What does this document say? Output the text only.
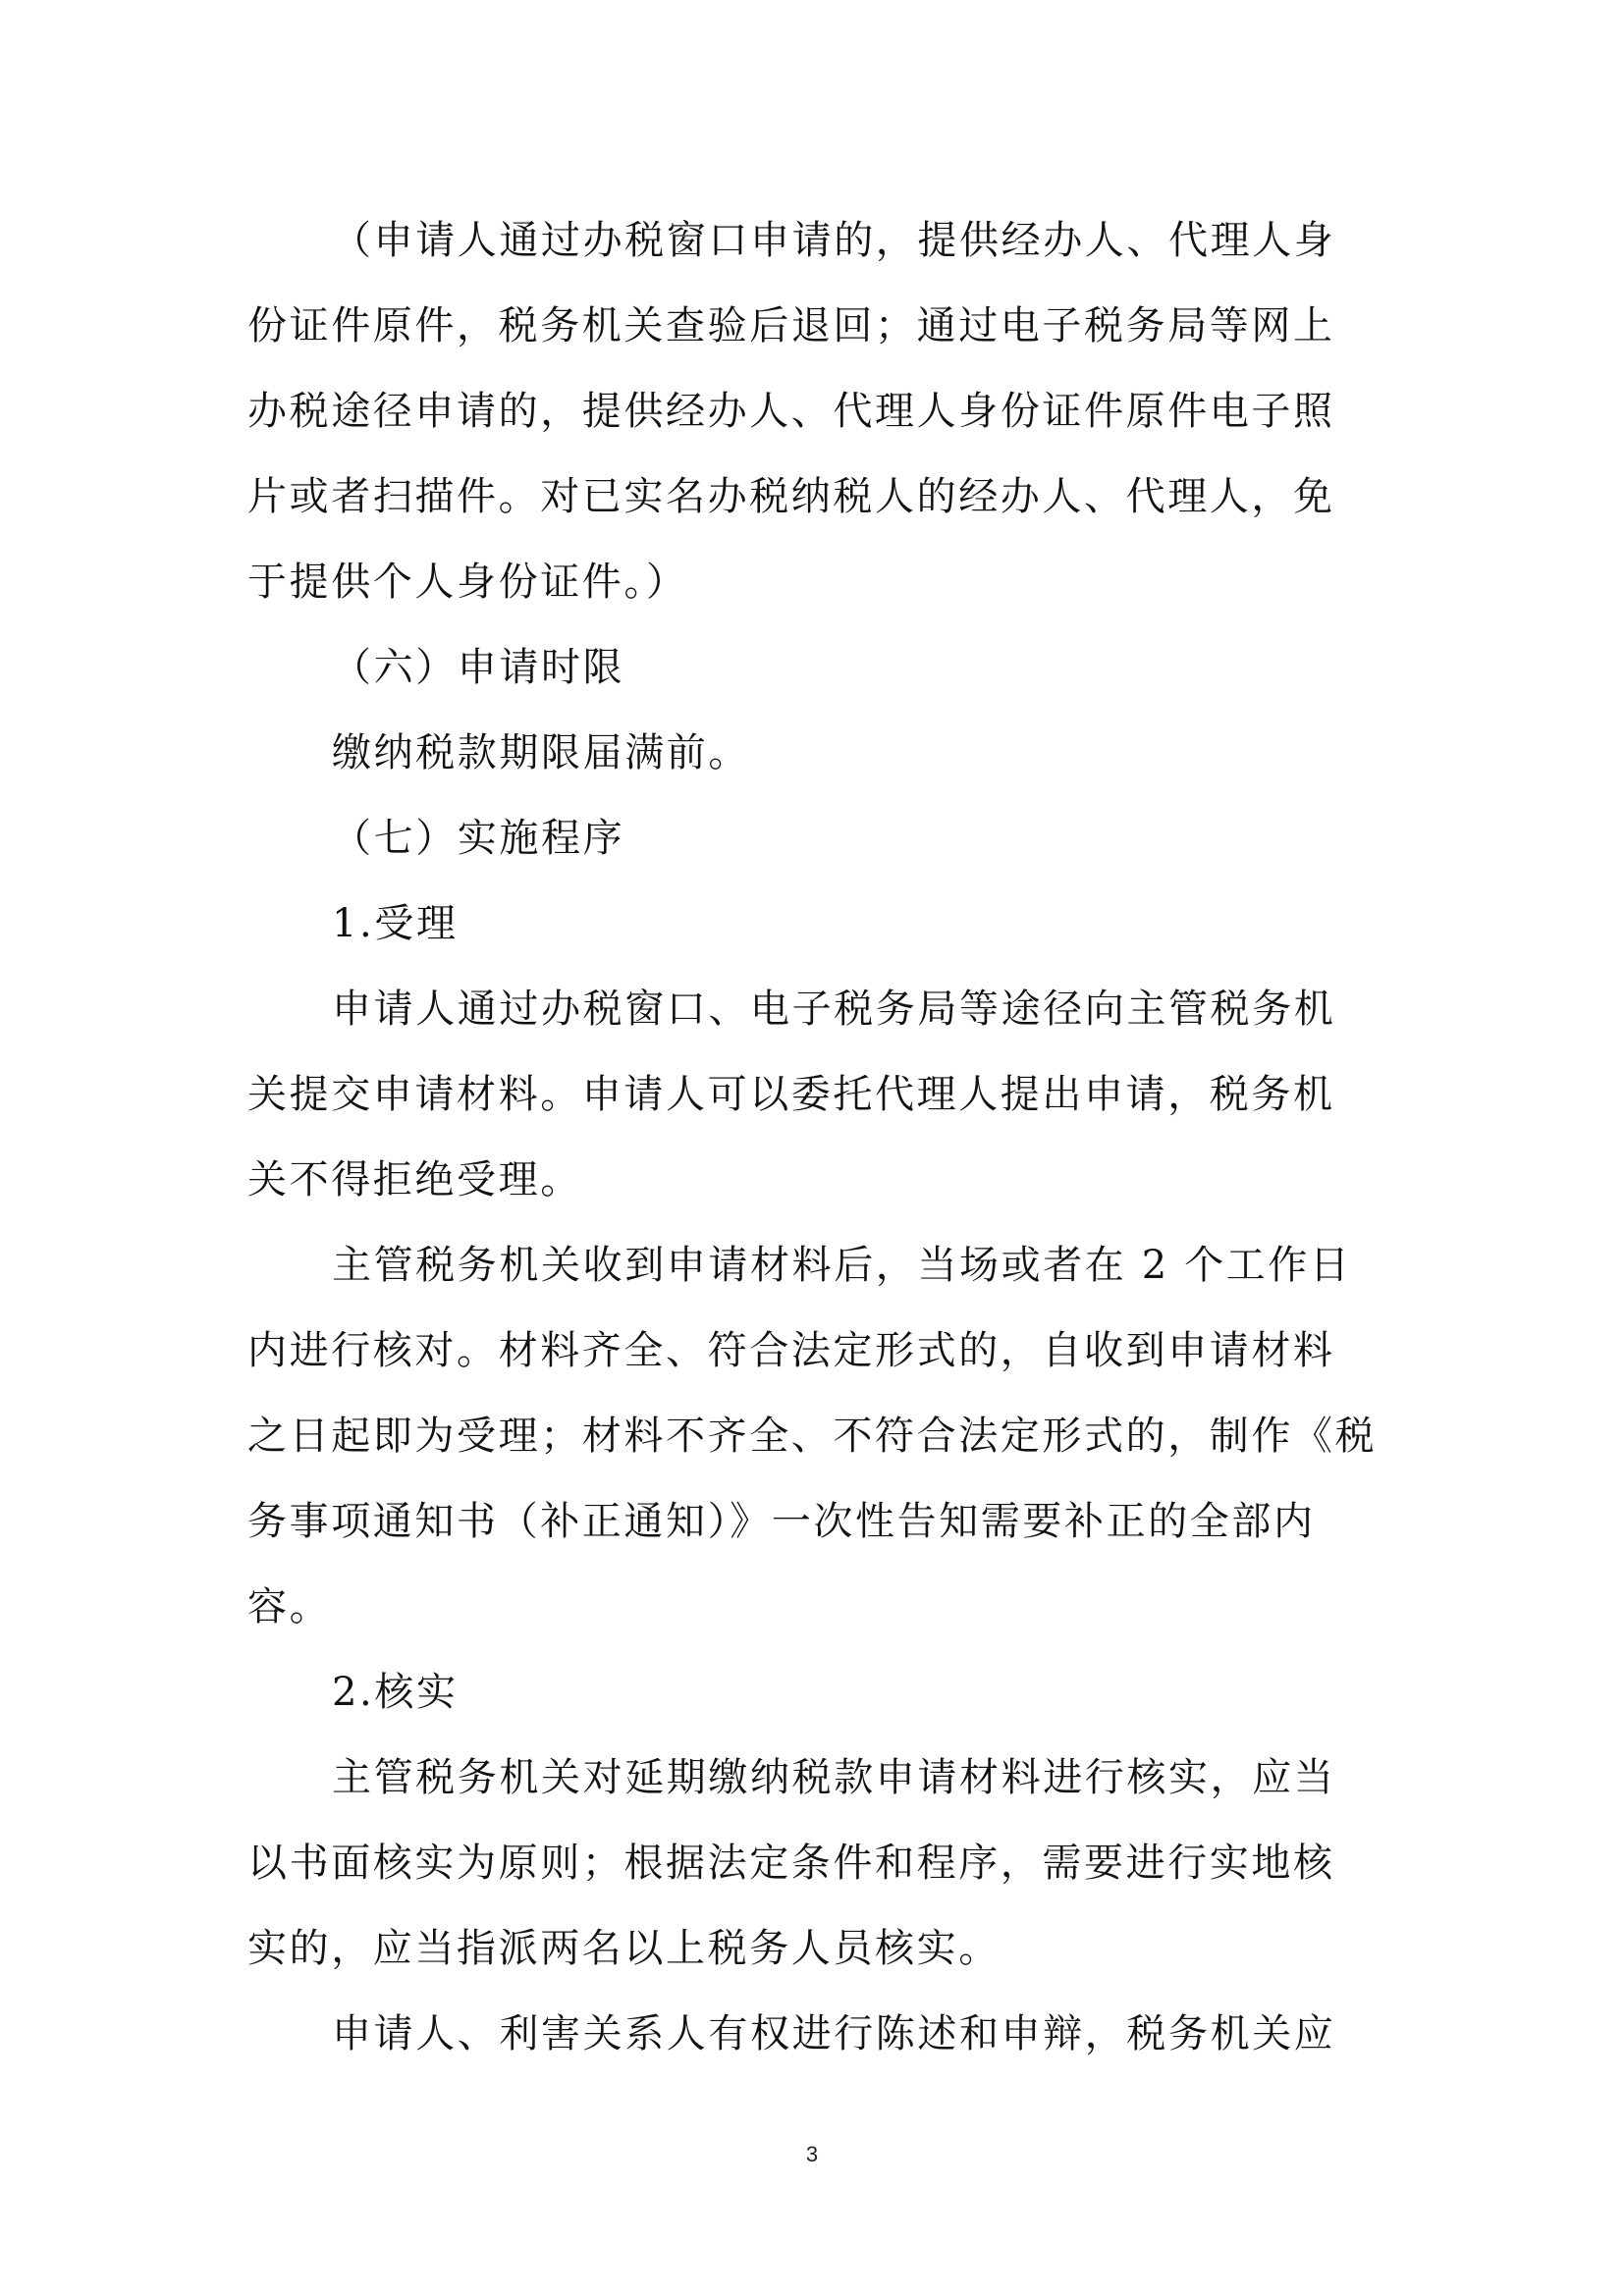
（申请人通过办税窗口申请的，提供经办人、代理人身
份证件原件，税务机关查验后退回；通过电子税务局等网上
办税途径申请的，提供经办人、代理人身份证件原件电子照
片或者扫描件。对已实名办税纳税人的经办人、代理人，免
于提供个人身份证件。）
（六）申请时限
缴纳税款期限届满前。
（七）实施程序
1.受理
申请人通过办税窗口、电子税务局等途径向主管税务机
关提交申请材料。申请人可以委托代理人提出申请，税务机
关不得拒绝受理。
主管税务机关收到申请材料后，当场或者在 2 个工作日
内进行核对。材料齐全、符合法定形式的，自收到申请材料
之日起即为受理；材料不齐全、不符合法定形式的，制作《税
务事项通知书（补正通知）》一次性告知需要补正的全部内
容。
2.核实
主管税务机关对延期缴纳税款申请材料进行核实，应当
以书面核实为原则；根据法定条件和程序，需要进行实地核
实的，应当指派两名以上税务人员核实。
申请人、利害关系人有权进行陈述和申辩，税务机关应
3
